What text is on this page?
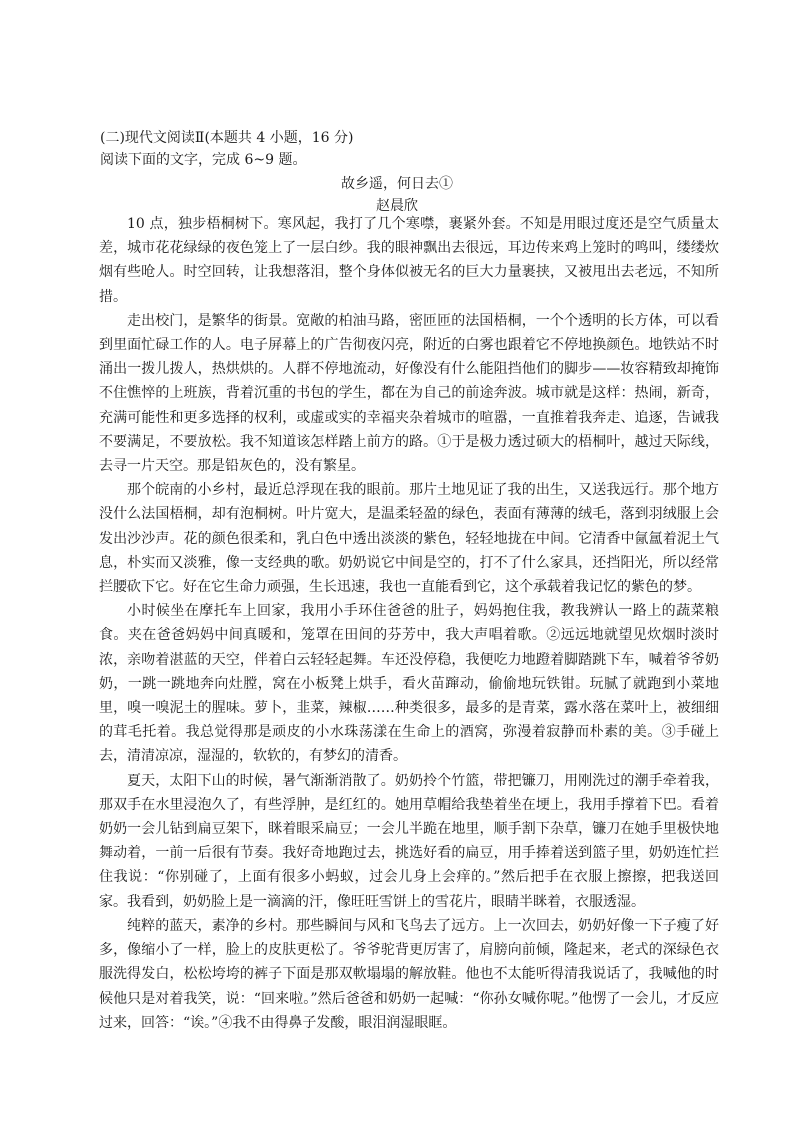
(二)现代文阅读Ⅱ(本题共 4 小题，16 分)
阅读下面的文字，完成 6~9 题。
故乡遥，何日去①
赵晨欣

10 点，独步梧桐树下。寒风起，我打了几个寒噤，裹紧外套。不知是用眼过度还是空气质量太差，城市花花绿绿的夜色笼上了一层白纱。我的眼神飘出去很远，耳边传来鸡上笼时的鸣叫，缕缕炊烟有些呛人。时空回转，让我想落泪，整个身体似被无名的巨大力量裹挟，又被甩出去老远，不知所措。

走出校门，是繁华的街景。宽敞的柏油马路，密匝匝的法国梧桐，一个个透明的长方体，可以看到里面忙碌工作的人。电子屏幕上的广告彻夜闪亮，附近的白雾也跟着它不停地换颜色。地铁站不时涌出一拨儿拨人，热烘烘的。人群不停地流动，好像没有什么能阻挡他们的脚步——妆容精致却掩饰不住憔悴的上班族，背着沉重的书包的学生，都在为自己的前途奔波。城市就是这样：热闹，新奇，充满可能性和更多选择的权利，或虚或实的幸福夹杂着城市的喧嚣，一直推着我奔走、追逐，告诫我不要满足，不要放松。我不知道该怎样踏上前方的路。①于是极力透过硕大的梧桐叶，越过天际线，去寻一片天空。那是铅灰色的，没有繁星。

那个皖南的小乡村，最近总浮现在我的眼前。那片土地见证了我的出生，又送我远行。那个地方没什么法国梧桐，却有泡桐树。叶片宽大，是温柔轻盈的绿色，表面有薄薄的绒毛，落到羽绒服上会发出沙沙声。花的颜色很柔和，乳白色中透出淡淡的紫色，轻轻地拢在中间。它清香中氤氲着泥土气息，朴实而又淡雅，像一支经典的歌。奶奶说它中间是空的，打不了什么家具，还挡阳光，所以经常拦腰砍下它。好在它生命力顽强，生长迅速，我也一直能看到它，这个承载着我记忆的紫色的梦。

小时候坐在摩托车上回家，我用小手环住爸爸的肚子，妈妈抱住我，教我辨认一路上的蔬菜粮食。夹在爸爸妈妈中间真暖和，笼罩在田间的芬芳中，我大声唱着歌。②远远地就望见炊烟时淡时浓，亲吻着湛蓝的天空，伴着白云轻轻起舞。车还没停稳，我便吃力地蹬着脚踏跳下车，喊着爷爷奶奶，一跳一跳地奔向灶膛，窝在小板凳上烘手，看火苗蹿动，偷偷地玩铁钳。玩腻了就跑到小菜地里，嗅一嗅泥土的腥味。萝卜，韭菜，辣椒……种类很多，最多的是青菜，露水落在菜叶上，被细细的茸毛托着。我总觉得那是顽皮的小水珠荡漾在生命上的酒窝，弥漫着寂静而朴素的美。③手碰上去，清清凉凉，湿湿的，软软的，有梦幻的清香。

夏天，太阳下山的时候，暑气渐渐消散了。奶奶拎个竹篮，带把镰刀，用刚洗过的潮手牵着我，那双手在水里浸泡久了，有些浮肿，是红红的。她用草帽给我垫着坐在埂上，我用手撑着下巴。看着奶奶一会儿钻到扁豆架下，眯着眼采扁豆；一会儿半跪在地里，顺手割下杂草，镰刀在她手里极快地舞动着，一前一后很有节奏。我好奇地跑过去，挑选好看的扁豆，用手捧着送到篮子里，奶奶连忙拦住我说：“你别碰了，上面有很多小蚂蚁，过会儿身上会痒的。”然后把手在衣服上擦擦，把我送回家。我看到，奶奶脸上是一滴滴的汗，像旺旺雪饼上的雪花片，眼睛半眯着，衣服透湿。

纯粹的蓝天，素净的乡村。那些瞬间与风和飞鸟去了远方。上一次回去，奶奶好像一下子瘦了好多，像缩小了一样，脸上的皮肤更松了。爷爷驼背更厉害了，肩膀向前倾，隆起来，老式的深绿色衣服洗得发白，松松垮垮的裤子下面是那双軟塌塌的解放鞋。他也不太能听得清我说话了，我喊他的时候他只是对着我笑，说：“回来啦。”然后爸爸和奶奶一起喊：“你孙女喊你呢。”他愣了一会儿，才反应过来，回答：“诶。”④我不由得鼻子发酸，眼泪润湿眼眶。
